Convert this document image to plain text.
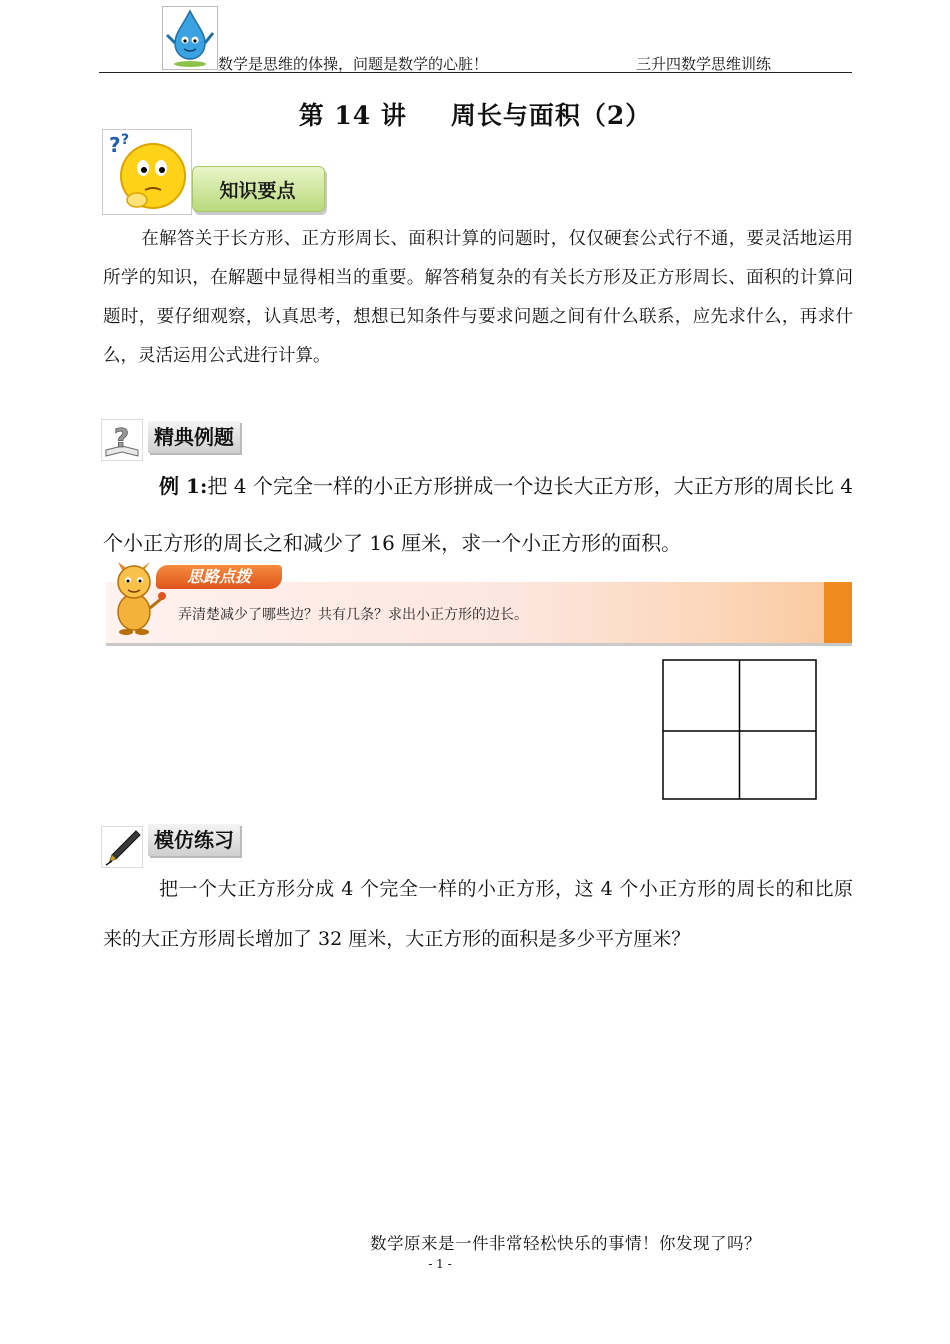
数学是思维的体操，问题是数学的心脏！	三升四数学思维训练
第 14 讲 周长与面积（2）
? ?
知识要点
在解答关于长方形、正方形周长、面积计算的问题时，仅仅硬套公式行不通，要灵活地运用所学的知识，在解题中显得相当的重要。解答稍复杂的有关长方形及正方形周长、面积的计算问题时，要仔细观察，认真思考，想想已知条件与要求问题之间有什么联系，应先求什么，再求什么，灵活运用公式进行计算。
?	精典例题
例 1:把 4 个完全一样的小正方形拼成一个边长大正方形，大正方形的周长比 4 个小正方形的周长之和减少了 16 厘米，求一个小正方形的面积。
思路点拨
弄清楚减少了哪些边？共有几条？求出小正方形的边长。
模仿练习
把一个大正方形分成 4 个完全一样的小正方形，这 4 个小正方形的周长的和比原来的大正方形周长增加了 32 厘米，大正方形的面积是多少平方厘米？
数学原来是一件非常轻松快乐的事情！你发现了吗？
- 1 -
